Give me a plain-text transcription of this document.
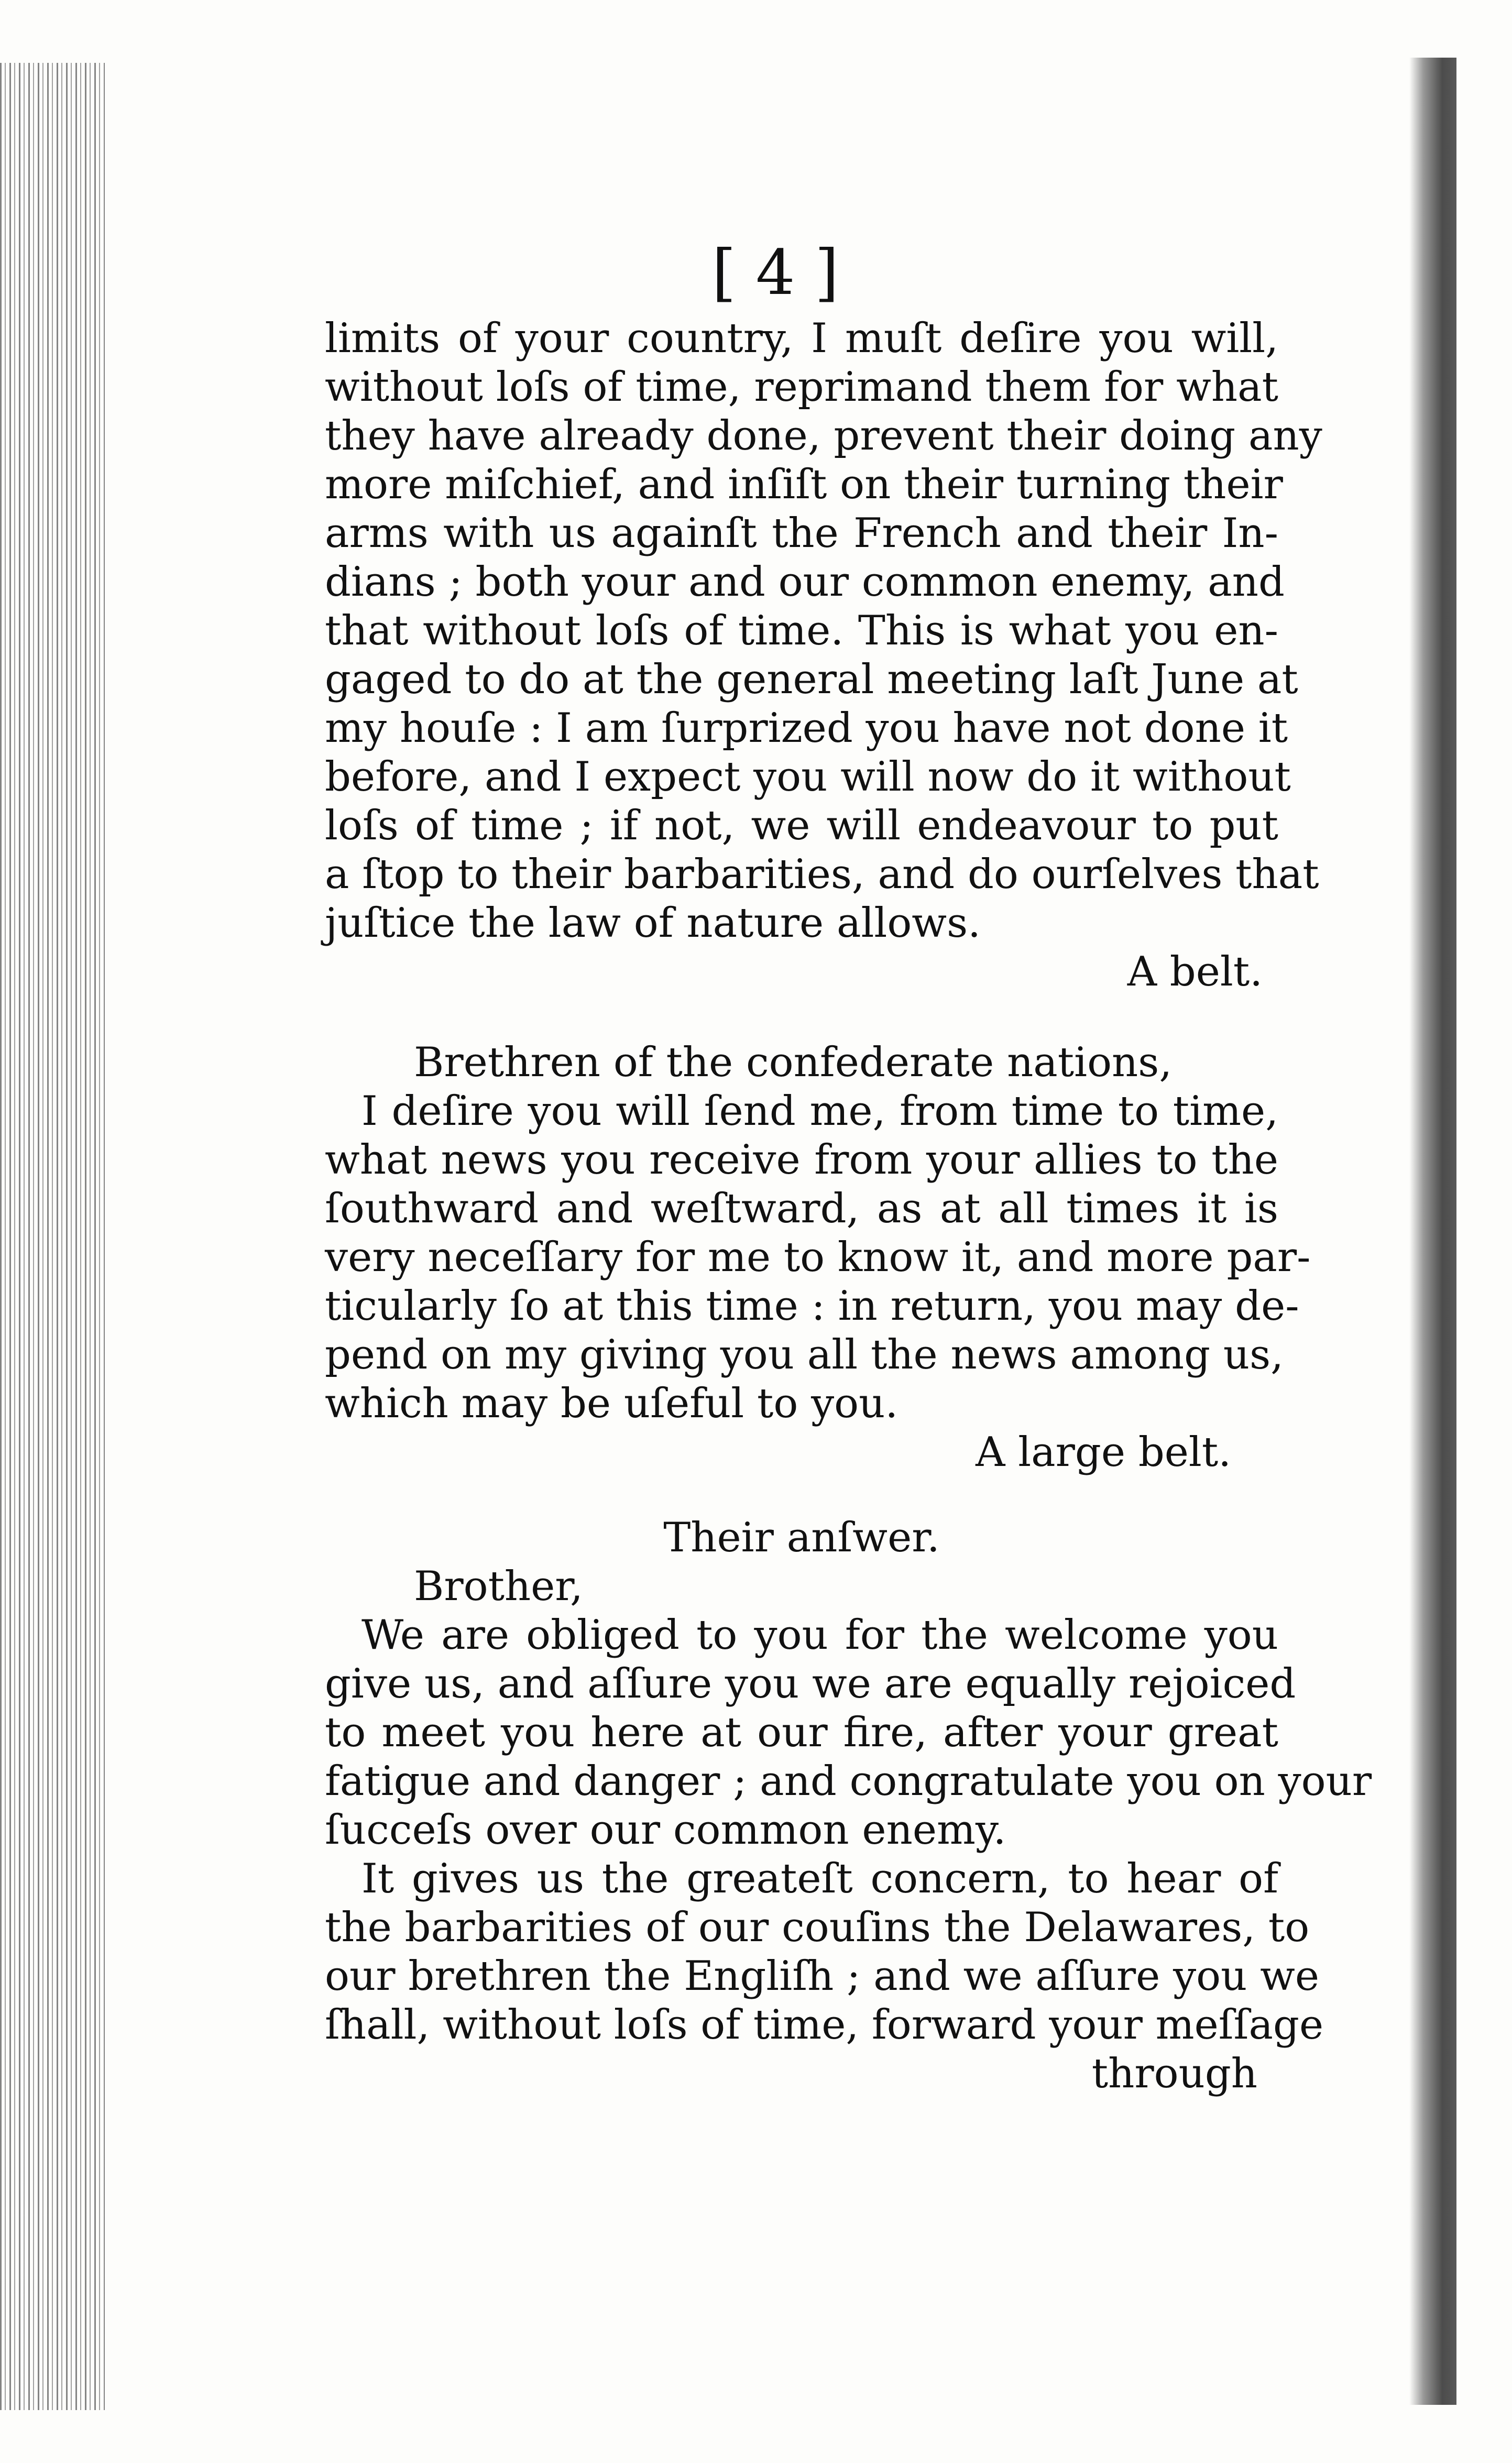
[ 4 ]
limits of your country, I muſt deſire you will,
without loſs of time, reprimand them for what
they have already done, prevent their doing any
more miſchief, and inſiſt on their turning their
arms with us againſt the French and their In-
dians ; both your and our common enemy, and
that without loſs of time. This is what you en-
gaged to do at the general meeting laſt June at
my houſe : I am ſurprized you have not done it
before, and I expect you will now do it without
loſs of time ; if not, we will endeavour to put
a ſtop to their barbarities, and do ourſelves that
juſtice the law of nature allows.
A belt.
Brethren of the confederate nations,
I deſire you will ſend me, from time to time,
what news you receive from your allies to the
ſouthward and weſtward, as at all times it is
very neceſſary for me to know it, and more par-
ticularly ſo at this time : in return, you may de-
pend on my giving you all the news among us,
which may be uſeful to you.
A large belt.
Their anſwer.
Brother,
We are obliged to you for the welcome you
give us, and aſſure you we are equally rejoiced
to meet you here at our fire, after your great
fatigue and danger ; and congratulate you on your
ſucceſs over our common enemy.
It gives us the greateſt concern, to hear of
the barbarities of our couſins the Delawares, to
our brethren the Engliſh ; and we aſſure you we
ſhall, without loſs of time, forward your meſſage
through
